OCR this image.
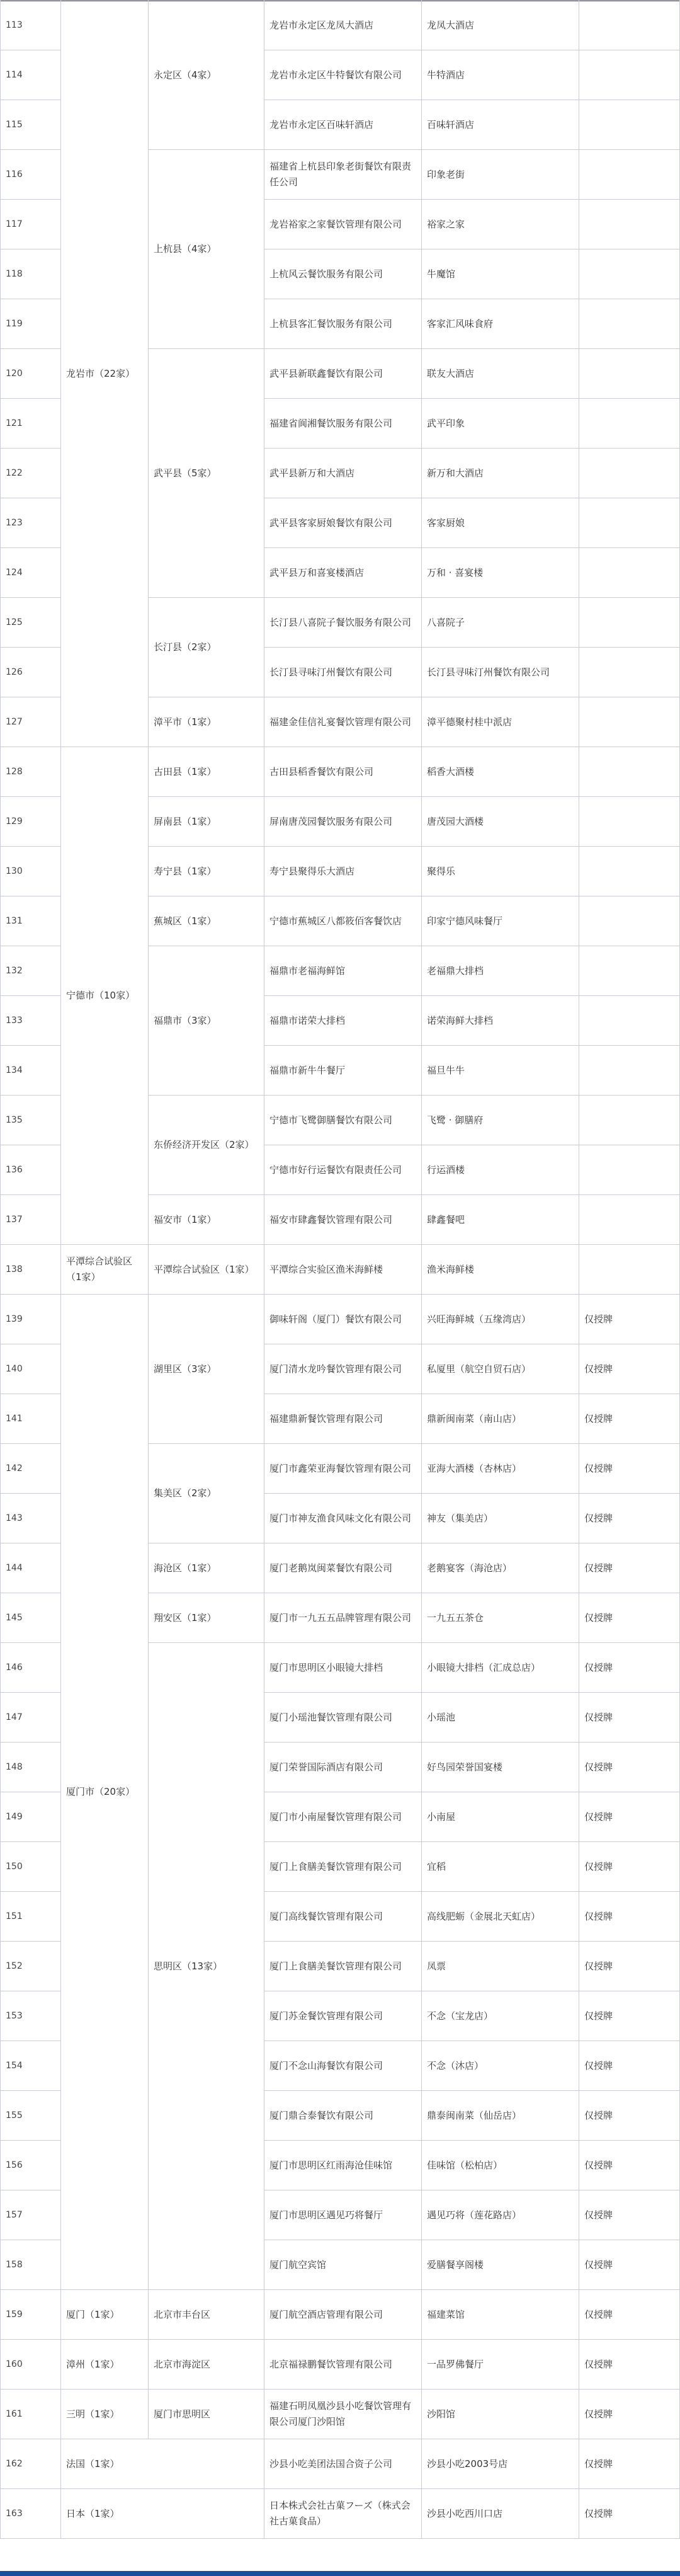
113	龙岩市（22家）	永定区（4家）	龙岩市永定区龙凤大酒店	龙凤大酒店	
114			龙岩市永定区牛特餐饮有限公司	牛特酒店	
115			龙岩市永定区百味轩酒店	百味轩酒店	
116		上杭县（4家）	福建省上杭县印象老街餐饮有限责任公司	印象老街	
117			龙岩裕家之家餐饮管理有限公司	裕家之家	
118			上杭风云餐饮服务有限公司	牛魔馆	
119			上杭县客汇餐饮服务有限公司	客家汇风味食府	
120		武平县（5家）	武平县新联鑫餐饮有限公司	联友大酒店	
121			福建省阆湘餐饮服务有限公司	武平印象	
122			武平县新万和大酒店	新万和大酒店	
123			武平县客家厨娘餐饮有限公司	客家厨娘	
124			武平县万和喜宴楼酒店	万和 · 喜宴楼	
125		长汀县（2家）	长汀县八喜院子餐饮服务有限公司	八喜院子	
126			长汀县寻味汀州餐饮有限公司	长汀县寻味汀州餐饮有限公司	
127		漳平市（1家）	福建金佳信礼宴餐饮管理有限公司	漳平德聚村桂中派店	
128	宁德市（10家）	古田县（1家）	古田县稻香餐饮有限公司	稻香大酒楼	
129		屏南县（1家）	屏南唐茂园餐饮服务有限公司	唐茂园大酒楼	
130		寿宁县（1家）	寿宁县聚得乐大酒店	聚得乐	
131		蕉城区（1家）	宁德市蕉城区八都筱佰客餐饮店	印家宁德风味餐厅	
132		福鼎市（3家）	福鼎市老福海鲜馆	老福鼎大排档	
133			福鼎市诺荣大排档	诺荣海鲜大排档	
134			福鼎市新牛牛餐厅	福旦牛牛	
135		东侨经济开发区（2家）	宁德市飞鹭御膳餐饮有限公司	飞鹭 · 御膳府	
136			宁德市好行运餐饮有限责任公司	行运酒楼	
137		福安市（1家）	福安市肆鑫餐饮管理有限公司	肆鑫餐吧	
138	平潭综合试验区（1家）	平潭综合试验区（1家）	平潭综合实验区渔米海鲜楼	渔米海鲜楼	
139	厦门市（20家）	湖里区（3家）	御味轩阁（厦门）餐饮有限公司	兴旺海鲜城（五缘湾店）	仅授牌
140			厦门清水龙吟餐饮管理有限公司	私厦里（航空自贸石店）	仅授牌
141			福建鼎新餐饮管理有限公司	鼎新闽南菜（南山店）	仅授牌
142		集美区（2家）	厦门市鑫荣亚海餐饮管理有限公司	亚海大酒楼（杏林店）	仅授牌
143			厦门市神友渔食风味文化有限公司	神友（集美店）	仅授牌
144		海沧区（1家）	厦门老鹅岚闽菜餐饮有限公司	老鹅宴客（海沧店）	仅授牌
145		翔安区（1家）	厦门市一九五五品牌管理有限公司	一九五五茶仓	仅授牌
146		思明区（13家）	厦门市思明区小眼镜大排档	小眼镜大排档（汇成总店）	仅授牌
147			厦门小瑶池餐饮管理有限公司	小瑶池	仅授牌
148			厦门荣誉国际酒店有限公司	好鸟园荣誉国宴楼	仅授牌
149			厦门市小南屋餐饮管理有限公司	小南屋	仅授牌
150			厦门上食膳美餐饮管理有限公司	宜稻	仅授牌
151			厦门高线餐饮管理有限公司	高线肥蛎（金展北天虹店）	仅授牌
152			厦门上食膳美餐饮管理有限公司	凤票	仅授牌
153			厦门苏金餐饮管理有限公司	不念（宝龙店）	仅授牌
154			厦门不念山海餐饮有限公司	不念（沐店）	仅授牌
155			厦门鼎合泰餐饮有限公司	鼎泰闽南菜（仙岳店）	仅授牌
156			厦门市思明区红雨海沧佳味馆	佳味馆（松柏店）	仅授牌
157			厦门市思明区遇见巧将餐厅	遇见巧将（莲花路店）	仅授牌
158			厦门航空宾馆	爱膳餐享阁楼	仅授牌
159	厦门（1家）	北京市丰台区	厦门航空酒店管理有限公司	福建菜馆	仅授牌
160	漳州（1家）	北京市海淀区	北京福禄鹏餐饮管理有限公司	一品罗佛餐厅	仅授牌
161	三明（1家）	厦门市思明区	福建石明凤凰沙县小吃餐饮管理有限公司厦门沙阳馆	沙阳馆	仅授牌
162	法国（1家）		沙县小吃美团法国合资子公司	沙县小吃2003号店	仅授牌
163	日本（1家）		日本株式会社古菓フーズ（株式会社古菓食品）	沙县小吃西川口店	仅授牌
